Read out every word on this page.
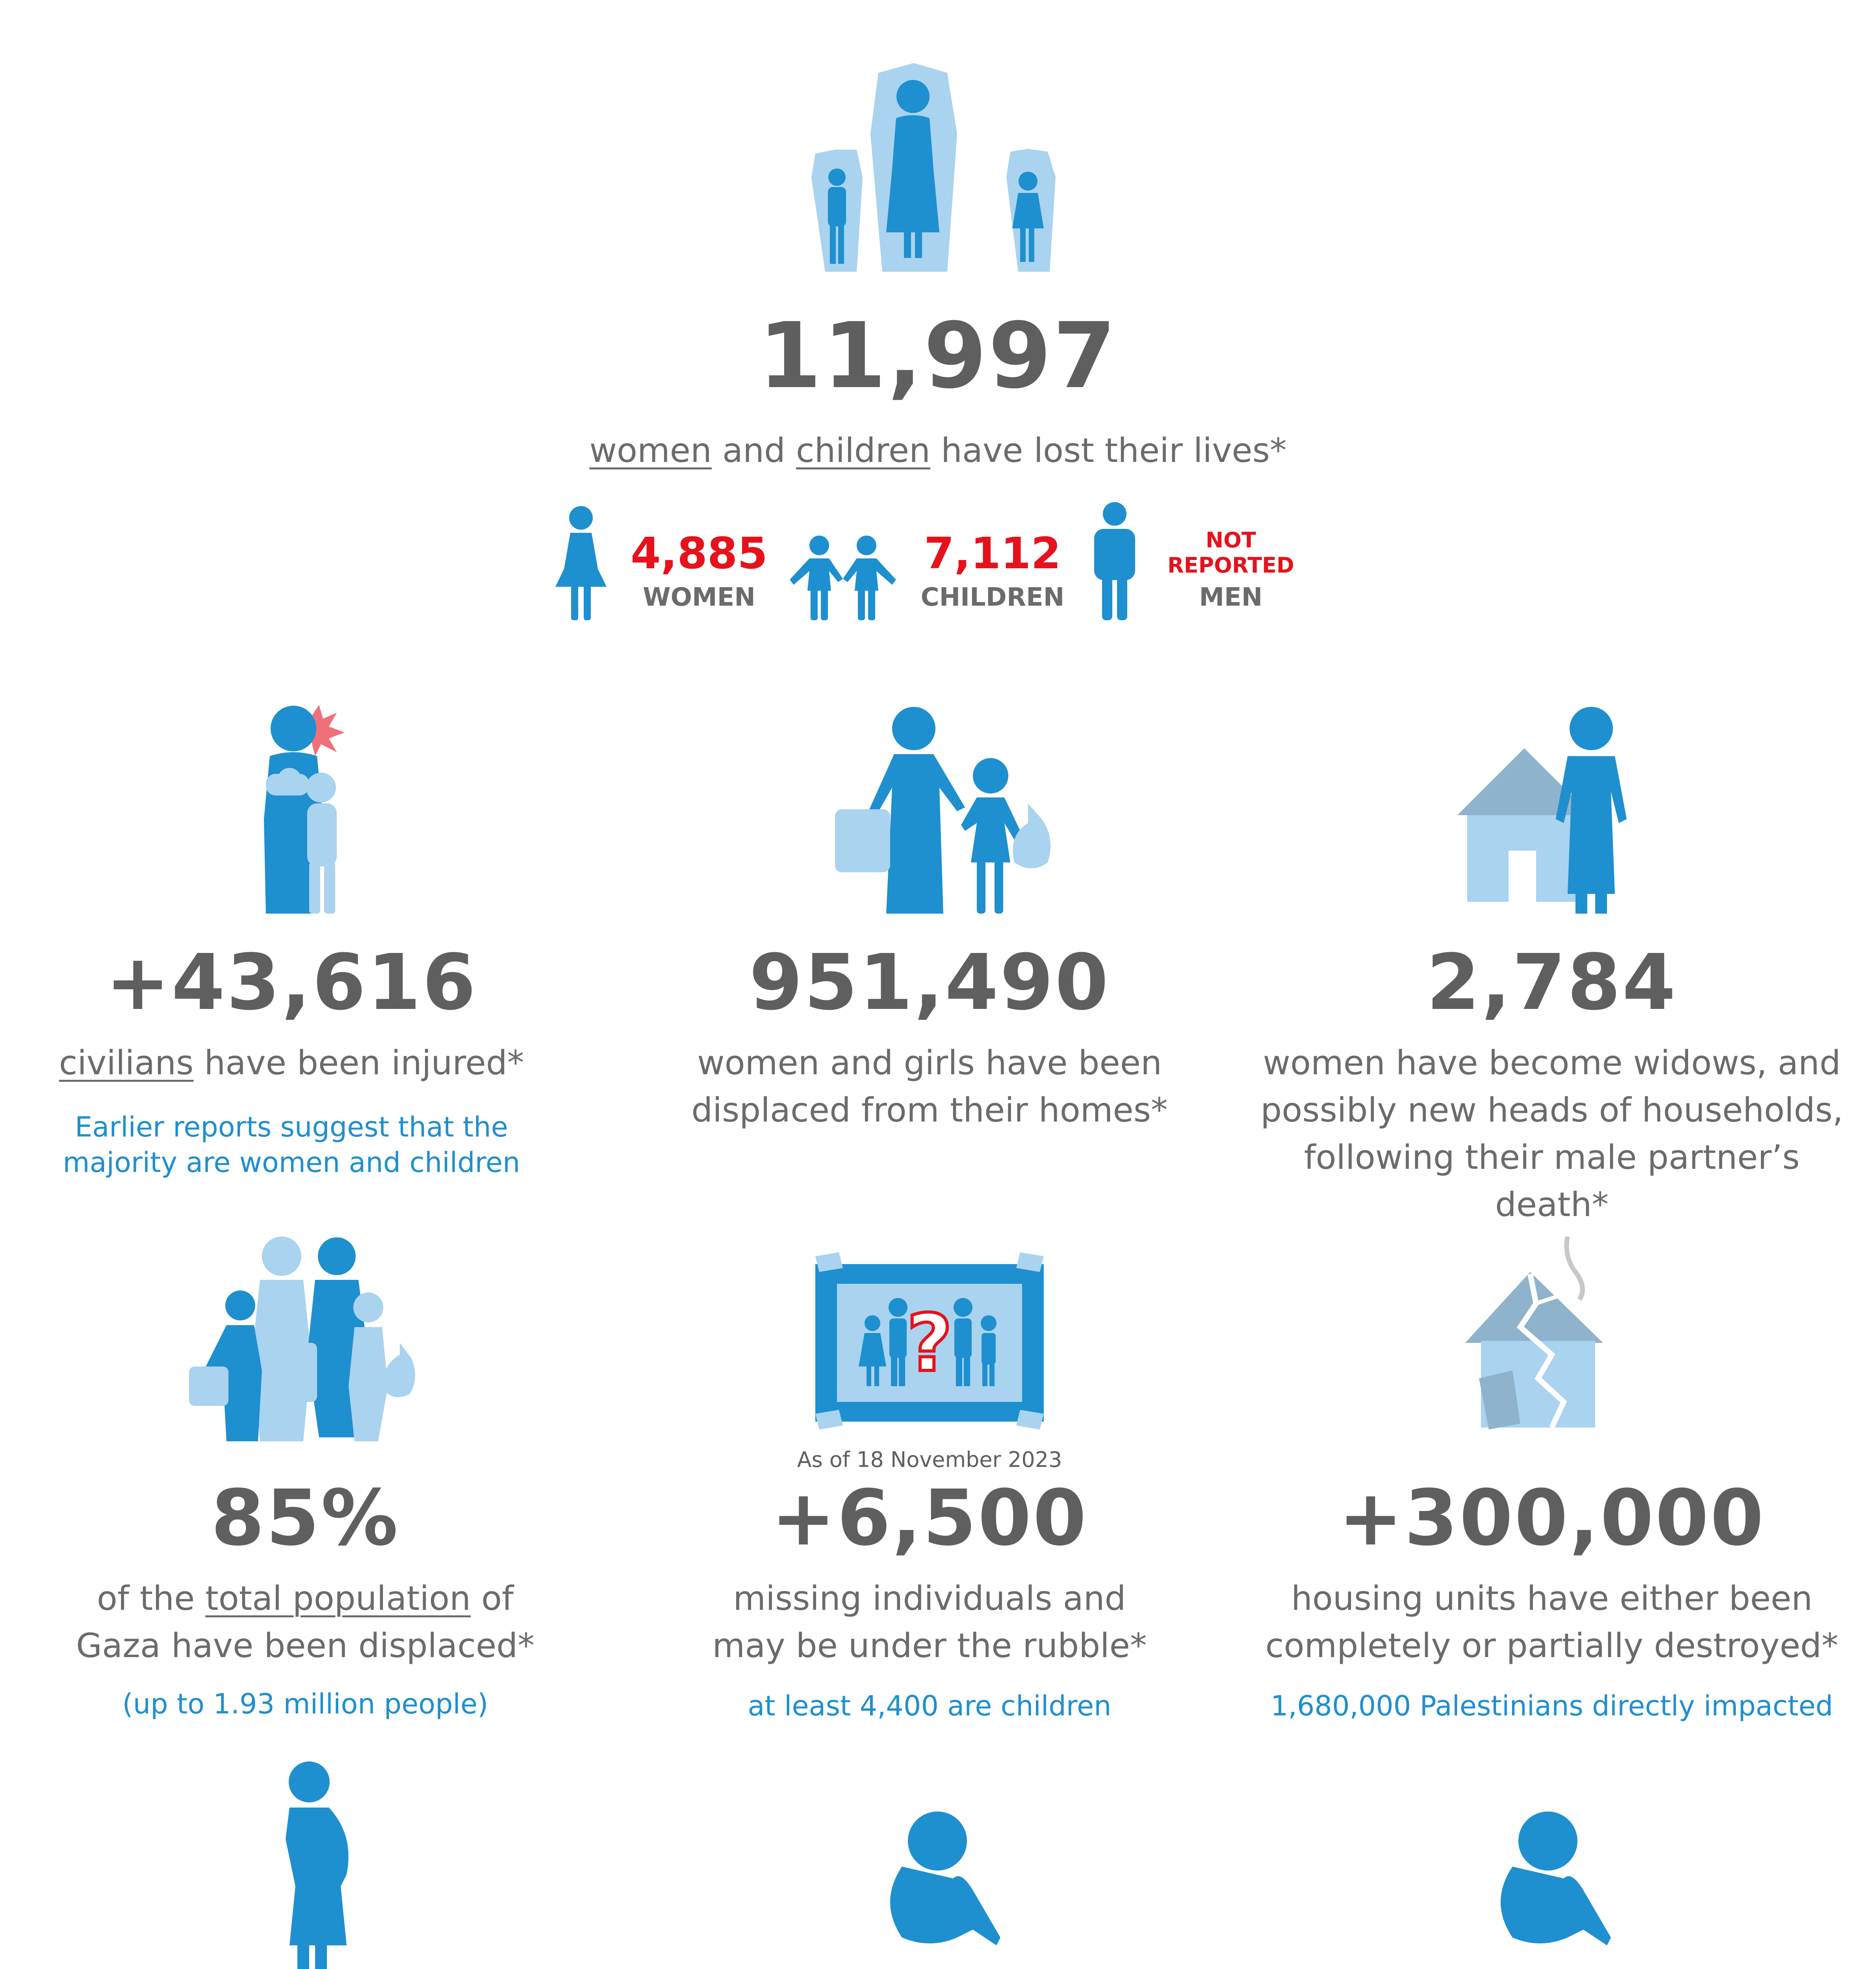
11,997
women and children have lost their lives*
4,885
WOMEN
7,112
CHILDREN
NOT
REPORTED
MEN
+43,616
civilians have been injured*
Earlier reports suggest that the
majority are women and children
951,490
women and girls have been
displaced from their homes*
2,784
women have become widows, and
possibly new heads of households,
following their male partner’s death*
85%
of the total population of
Gaza have been displaced*
(up to 1.93 million people)
?
As of 18 November 2023
+6,500
missing individuals and
may be under the rubble*
at least 4,400 are children
+300,000
housing units have either been
completely or partially destroyed*
1,680,000 Palestinians directly impacted
